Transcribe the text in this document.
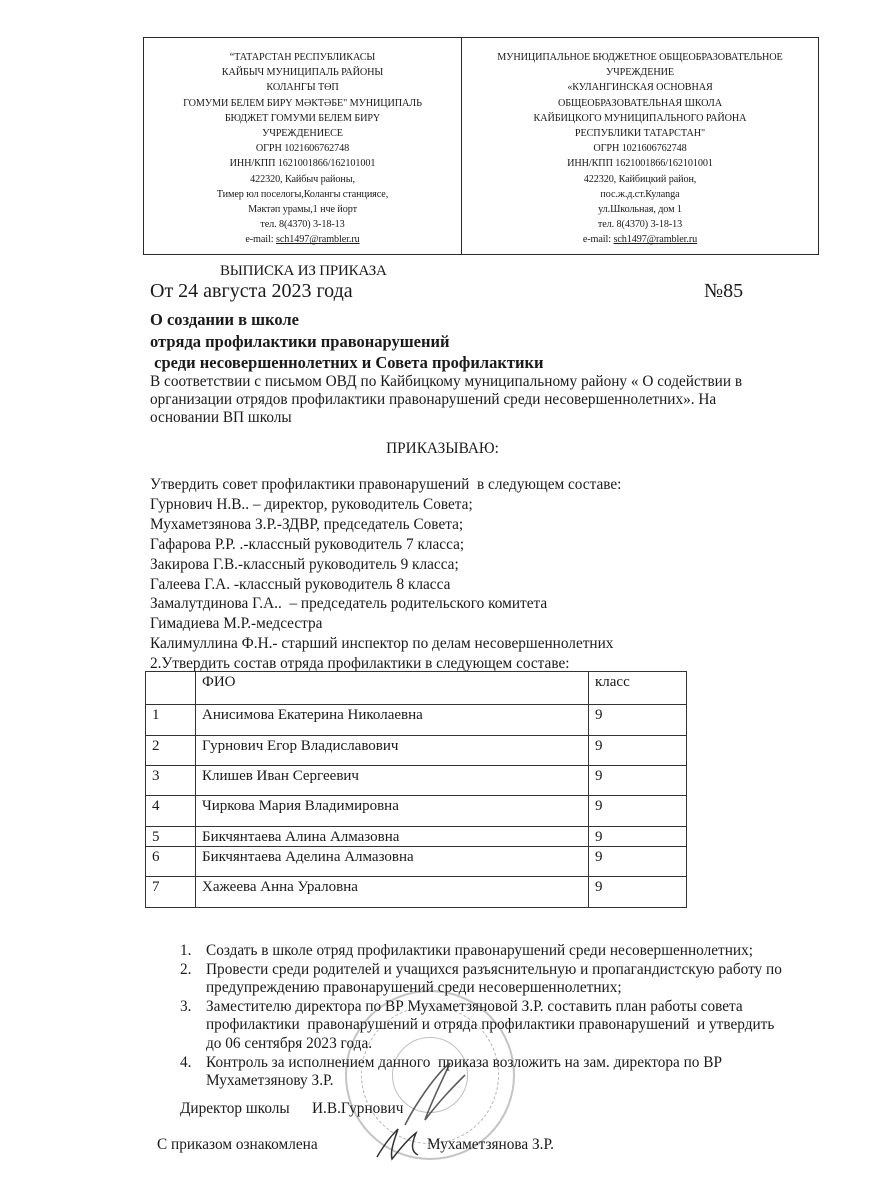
“ТАТАРСТАН РЕСПУБЛИКАСЫ
КАЙБЫЧ МУНИЦИПАЛЬ РАЙОНЫ
КОЛАНГЫ ТӨП
ГОМУМИ БЕЛЕМ БИРҮ МӘКТӘБЕ" МУНИЦИПАЛЬ
БЮДЖЕТ ГОМУМИ БЕЛЕМ БИРҮ
УЧРЕЖДЕНИЕСЕ
ОГРН 1021606762748
ИНН/КПП 1621001866/162101001
422320, Кайбыч районы,
Тимер юл поселогы,Колангы станциясе,
Мәктәп урамы,1 нче йорт
тел. 8(4370) 3-18-13
e-mail: sch1497@rambler.ru
МУНИЦИПАЛЬНОЕ БЮДЖЕТНОЕ ОБЩЕОБРАЗОВАТЕЛЬНОЕ
УЧРЕЖДЕНИЕ
«КУЛАНГИНСКАЯ ОСНОВНАЯ
ОБЩЕОБРАЗОВАТЕЛЬНАЯ ШКОЛА
КАЙБИЦКОГО МУНИЦИПАЛЬНОГО РАЙОНА
РЕСПУБЛИКИ ТАТАРСТАН"
ОГРН 1021606762748
ИНН/КПП 1621001866/162101001
422320, Кайбицкий район,
пос.ж.д.ст.Кулanga
ул.Школьная, дом 1
тел. 8(4370) 3-18-13
e-mail: sch1497@rambler.ru
ВЫПИСКА ИЗ ПРИКАЗА
От 24 августа 2023 года	№85
О создании в школе
отряда профилактики правонарушений
среди несовершеннолетних и Совета профилактики
В соответствии с письмом ОВД по Кайбицкому муниципальному району « О содействии в
организации отрядов профилактики правонарушений среди несовершеннолетних». На
основании ВП школы
ПРИКАЗЫВАЮ:
Утвердить совет профилактики правонарушений  в следующем составе:
Гурнович Н.В.. – директор, руководитель Совета;
Мухаметзянова З.Р.-ЗДВР, председатель Совета;
Гафарова Р.Р. .-классный руководитель 7 класса;
Закирова Г.В.-классный руководитель 9 класса;
Галеева Г.А. -классный руководитель 8 класса
Замалутдинова Г.А..  – председатель родительского комитета
Гимадиева М.Р.-медсестра
Калимуллина Ф.Н.- старший инспектор по делам несовершеннолетних
2.Утвердить состав отряда профилактики в следующем составе:
	ФИО	класс
1	Анисимова Екатерина Николаевна	9
2	Гурнович Егор Владиславович	9
3	Клишев Иван Сергеевич	9
4	Чиркова Мария Владимировна	9
5	Бикчянтаева Алина Алмазовна	9
6	Бикчянтаева Аделина Алмазовна	9
7	Хажеева Анна Ураловна	9
1. Создать в школе отряд профилактики правонарушений среди несовершеннолетних;
2. Провести среди родителей и учащихся разъяснительную и пропагандистскую работу по
предупреждению правонарушений среди несовершеннолетних;
3. Заместителю директора по ВР Мухаметзяновой З.Р. составить план работы совета
профилактики  правонарушений и отряда профилактики правонарушений  и утвердить
до 06 сентября 2023 года.
4. Контроль за исполнением данного  приказа возложить на зам. директора по ВР
Мухаметзянову З.Р.
Директор школы И.В.Гурнович
С приказом ознакомлена	Мухаметзянова З.Р.
